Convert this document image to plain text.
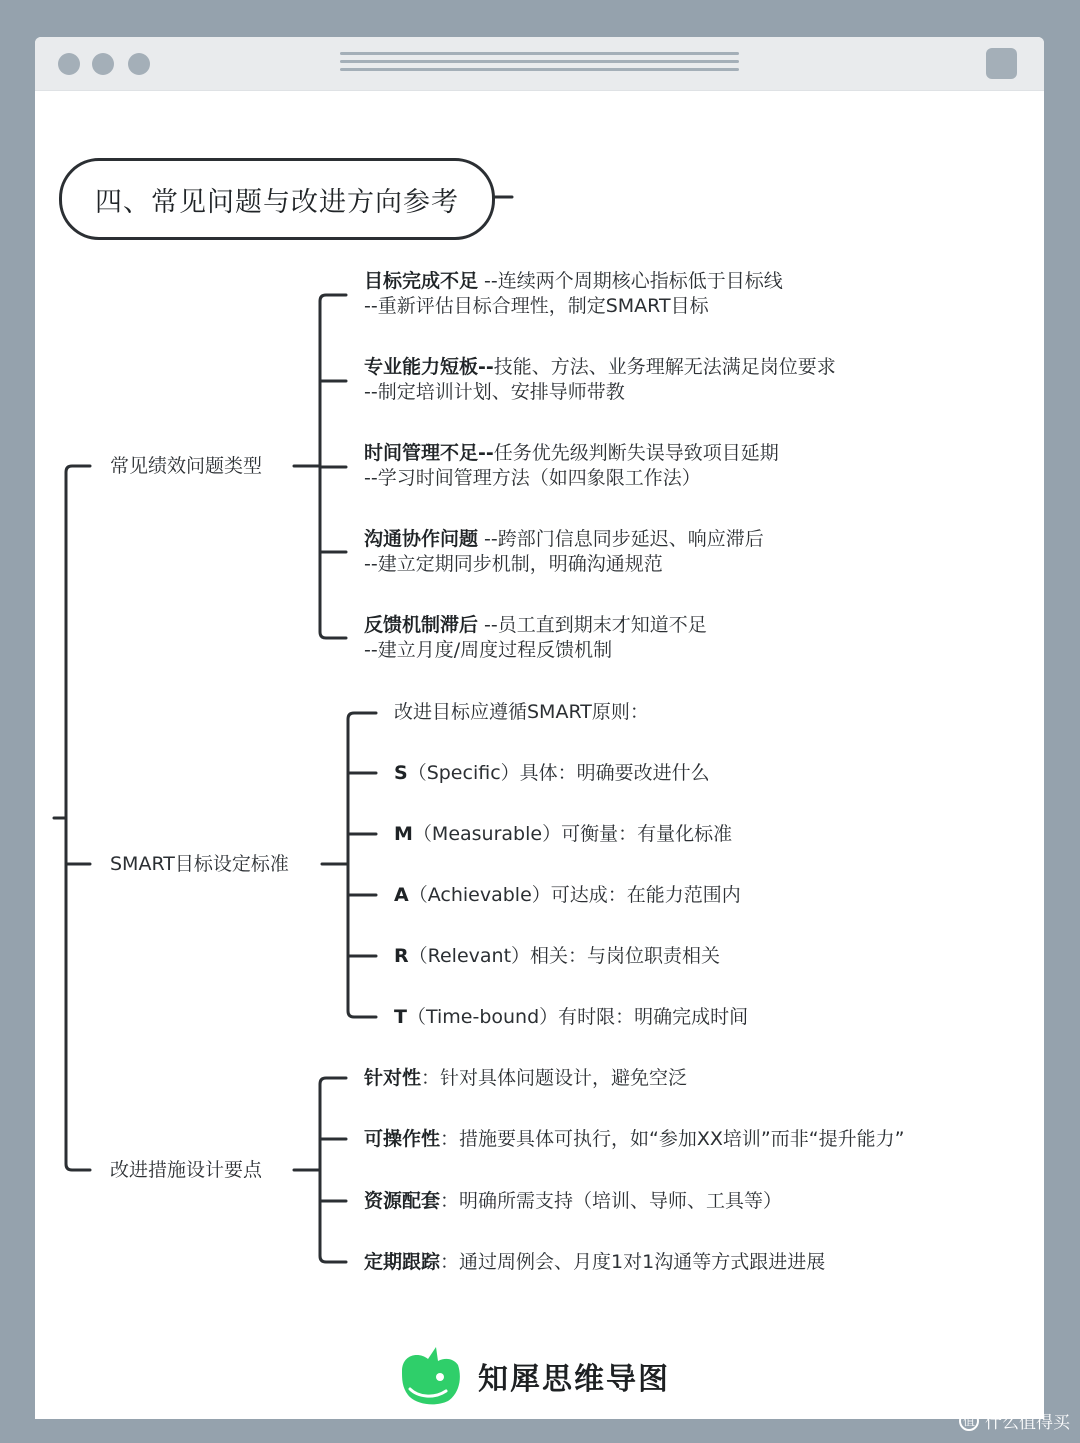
四、常见问题与改进方向参考
常见绩效问题类型
SMART目标设定标准
改进措施设计要点
目标完成不足 --连续两个周期核心指标低于目标线
--重新评估目标合理性，制定SMART目标
专业能力短板--技能、方法、业务理解无法满足岗位要求
--制定培训计划、安排导师带教
时间管理不足--任务优先级判断失误导致项目延期
--学习时间管理方法（如四象限工作法）
沟通协作问题 --跨部门信息同步延迟、响应滞后
--建立定期同步机制，明确沟通规范
反馈机制滞后 --员工直到期末才知道不足
--建立月度/周度过程反馈机制
改进目标应遵循SMART原则：
S（Specific）具体：明确要改进什么
M（Measurable）可衡量：有量化标准
A（Achievable）可达成：在能力范围内
R（Relevant）相关：与岗位职责相关
T（Time-bound）有时限：明确完成时间
针对性：针对具体问题设计，避免空泛
可操作性：措施要具体可执行，如“参加XX培训”而非“提升能力”
资源配套：明确所需支持（培训、导师、工具等）
定期跟踪：通过周例会、月度1对1沟通等方式跟进进展
知犀思维导图
值 什么值得买
